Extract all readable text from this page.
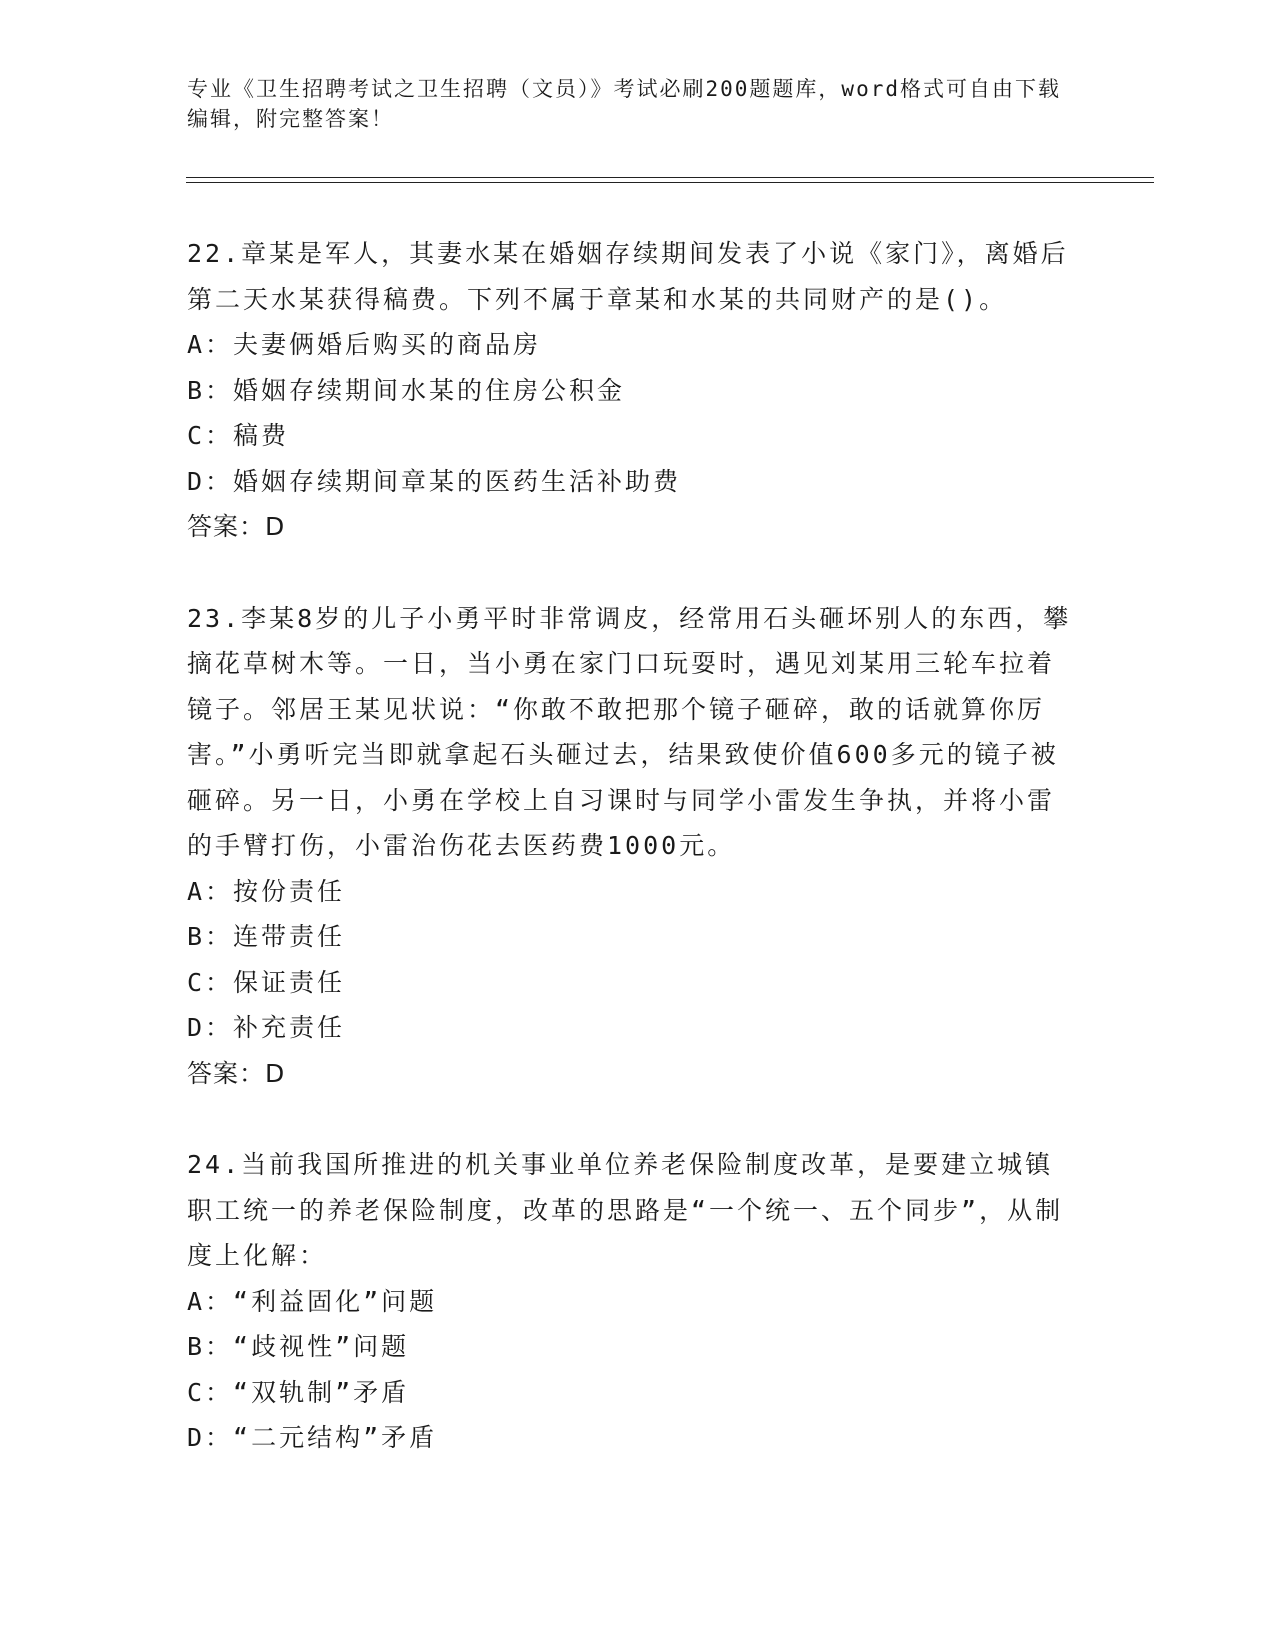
专业《卫生招聘考试之卫生招聘（文员）》考试必刷200题题库，word格式可自由下载编辑，附完整答案！

22.章某是军人，其妻水某在婚姻存续期间发表了小说《家门》，离婚后第二天水某获得稿费。下列不属于章某和水某的共同财产的是()。

A：夫妻俩婚后购买的商品房

B：婚姻存续期间水某的住房公积金

C：稿费

D：婚姻存续期间章某的医药生活补助费

答案：D

23.李某8岁的儿子小勇平时非常调皮，经常用石头砸坏别人的东西，攀摘花草树木等。一日，当小勇在家门口玩耍时，遇见刘某用三轮车拉着镜子。邻居王某见状说：“你敢不敢把那个镜子砸碎，敢的话就算你厉害。”小勇听完当即就拿起石头砸过去，结果致使价值600多元的镜子被砸碎。另一日，小勇在学校上自习课时与同学小雷发生争执，并将小雷的手臂打伤，小雷治伤花去医药费1000元。

A：按份责任

B：连带责任

C：保证责任

D：补充责任

答案：D

24.当前我国所推进的机关事业单位养老保险制度改革，是要建立城镇职工统一的养老保险制度，改革的思路是“一个统一、五个同步”，从制度上化解：

A：“利益固化”问题

B：“歧视性”问题

C：“双轨制”矛盾

D：“二元结构”矛盾
